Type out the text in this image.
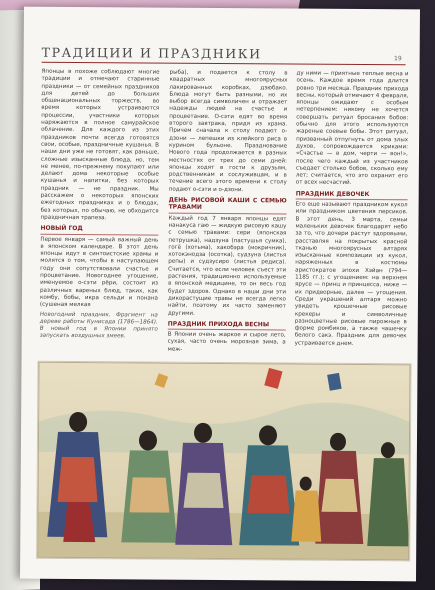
ТРАДИЦИИ И ПРАЗДНИКИ	19

Японцы в похоже соблюдают многие традиции и отмечают старинные праздники — от семейных праздников для детей до больших общенациональных торжеств, во время которых устраиваются процессии, участники которых наряжаются в полное самурайское облачение. Для каждого из этих праздников почти всегда готовятся свои, особые, праздничные кушанья. В наши дни уже не готовят, как раньше, сложные изысканные блюда, но, тем не менее, по-прежнему покупают или делают дома некоторые особые кушанья и напитки, без которых праздник — не праздник. Мы расскажем о некоторых японских ежегодных праздниках и о блюдах, без которых, по обычаю, не обходится праздничная трапеза.

НОВЫЙ ГОД

Первое января — самый важный день в японском календаре. В этот день японцы идут в синтоистские храмы и молятся о том, чтобы в наступающем году они сопутствовали счастье и процветание. Новогоднее угощение, именуемое о-сэти рёри, состоит из различных вареных блюд, таких, как комбу, бобы, икра сельди и понана (сушеная мелкая

Новогодний праздник. Фрагмент на дереве работы Кунисада (1786—1864). В новый год в Японии принято запускать воздушных змеев.

рыба), и подается к столу в квадратных многоярусных лакированных коробках, дзюбако. Блюда могут быть разными, но их выбор всегда символичен и отражает надежды людей на счастье и процветание. О-сэти едят во время второго завтрака, придя из храма. Причем сначала к столу подают о-дзони — лепешки из клейкого риса в курином бульоне. Празднование Нового года продолжается в разных местностях от трех до семи дней: японцы ходят в гости к друзьям, родственникам и сослуживцам, и в течение всего этого времени к столу подают о-сэти и о-дзони.

ДЕНЬ РИСОВОЙ КАШИ С СЕМЬЮ ТРАВАМИ

Каждый год 7 января японцы едят нанакуса гаю — жидкую рисовую кашу с семью травами: сери (японская петрушка), надзуна (пастушья сумка), гогё (хотьма), хакобэра (мокричник), хотокэнодза (осотка), судзуна (листья репы) и судзусиро (листья редиса). Считается, что если человек съест эти растения, традиционно используемые в японской медицине, то он весь год будет здоров. Однако в наши дни эти дикорастущие травы не всегда легко найти, поэтому их часто заменяют другими.

ПРАЗДНИК ПРИХОДА ВЕСНЫ

В Японии очень жаркое и сырое лето, сухая, часто очень морозная зима, а меж-

ду ними — приятные теплые весна и осень. Каждое время года длится ровно три месяца. Праздник прихода весны, который отмечают 4 февраля, японцы ожидают с особым нетерпением: никому не хочется совершать ритуал бросания бобов: обычно для этого используются жареные соевые бобы. Этот ритуал, призванный отпугнуть от дома злых духов, сопровождается криками: «Счастье — в дом, черти — вон!», после чего каждый из участников съедает столько бобов, сколько ему лет; считается, что это охранит его от всех несчастий.

ПРАЗДНИК ДЕВОЧЕК

Его еще называют праздником кукол или праздником цветения персиков. В этот день, 3 марта, семьи маленьких девочек благодарят небо за то, что дочери растут здоровыми, расставляя на покрытых красной тканью многоярусных алтарях изысканные композиции из кукол, наряженных в костюмы аристократов эпохи Хэйан (794—1185 гг.); с угощением: на верхнем ярусе — принц и принцесса, ниже — их придворные, далее — угощения. Среди украшений алтаря можно увидеть крошечные рисовые крекеры и символичные разноцветные рисовые пирожные в форме ромбиков, а также чашечку белого сакэ. Праздник для девочек устраивается днем.
